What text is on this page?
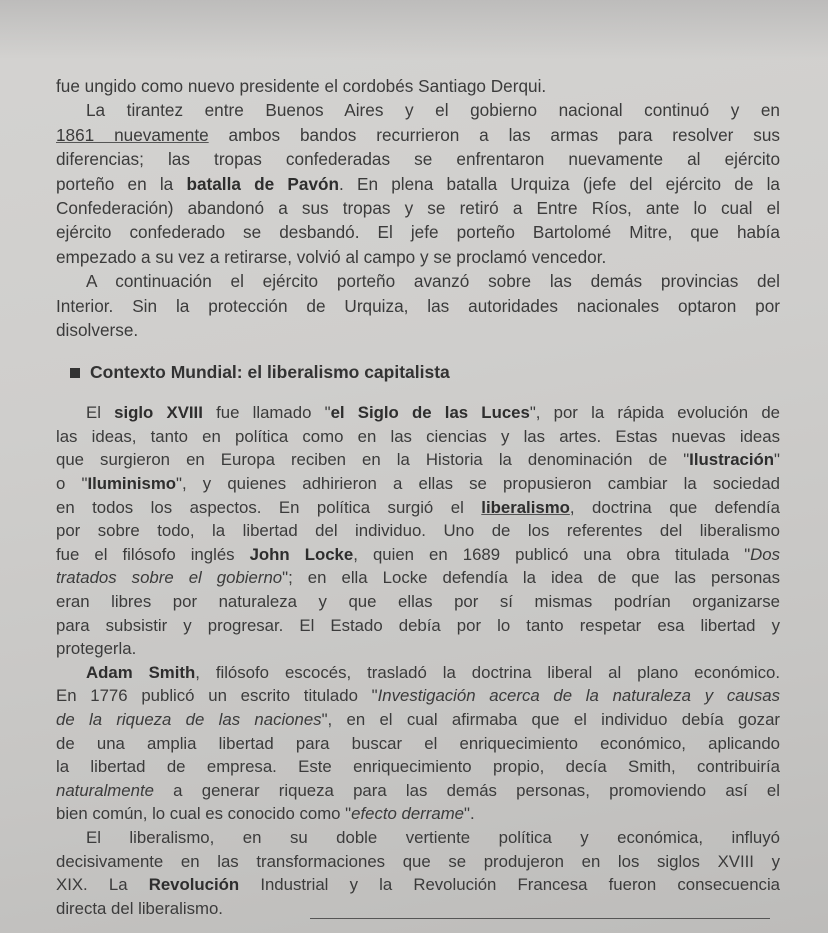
fue ungido como nuevo presidente el cordobés Santiago Derqui.
La tirantez entre Buenos Aires y el gobierno nacional continuó y en
1861 nuevamente ambos bandos recurrieron a las armas para resolver sus
diferencias; las tropas confederadas se enfrentaron nuevamente al ejército
porteño en la batalla de Pavón. En plena batalla Urquiza (jefe del ejército de la
Confederación) abandonó a sus tropas y se retiró a Entre Ríos, ante lo cual el
ejército confederado se desbandó. El jefe porteño Bartolomé Mitre, que había
empezado a su vez a retirarse, volvió al campo y se proclamó vencedor.
A continuación el ejército porteño avanzó sobre las demás provincias del
Interior. Sin la protección de Urquiza, las autoridades nacionales optaron por
disolverse.
Contexto Mundial: el liberalismo capitalista
El siglo XVIII fue llamado "el Siglo de las Luces", por la rápida evolución de
las ideas, tanto en política como en las ciencias y las artes. Estas nuevas ideas
que surgieron en Europa reciben en la Historia la denominación de "Ilustración"
o "Iluminismo", y quienes adhirieron a ellas se propusieron cambiar la sociedad
en todos los aspectos. En política surgió el liberalismo, doctrina que defendía
por sobre todo, la libertad del individuo. Uno de los referentes del liberalismo
fue el filósofo inglés John Locke, quien en 1689 publicó una obra titulada "Dos
tratados sobre el gobierno"; en ella Locke defendía la idea de que las personas
eran libres por naturaleza y que ellas por sí mismas podrían organizarse
para subsistir y progresar. El Estado debía por lo tanto respetar esa libertad y
protegerla.
Adam Smith, filósofo escocés, trasladó la doctrina liberal al plano económico.
En 1776 publicó un escrito titulado "Investigación acerca de la naturaleza y causas
de la riqueza de las naciones", en el cual afirmaba que el individuo debía gozar
de una amplia libertad para buscar el enriquecimiento económico, aplicando
la libertad de empresa. Este enriquecimiento propio, decía Smith, contribuiría
naturalmente a generar riqueza para las demás personas, promoviendo así el
bien común, lo cual es conocido como "efecto derrame".
El liberalismo, en su doble vertiente política y económica, influyó
decisivamente en las transformaciones que se produjeron en los siglos XVIII y
XIX. La Revolución Industrial y la Revolución Francesa fueron consecuencia
directa del liberalismo.
